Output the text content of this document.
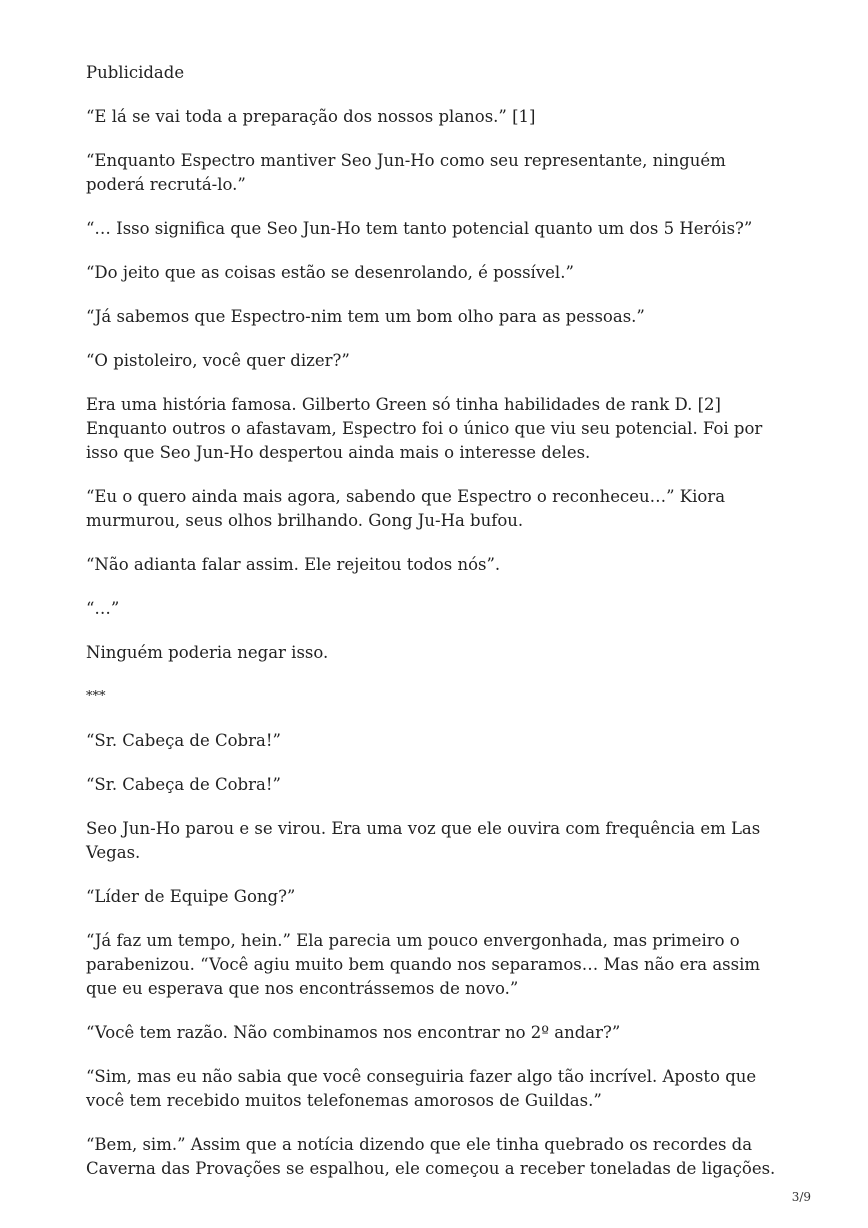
Publicidade

“E lá se vai toda a preparação dos nossos planos.” [1]

“Enquanto Espectro mantiver Seo Jun-Ho como seu representante, ninguém poderá recrutá-lo.”

“… Isso significa que Seo Jun-Ho tem tanto potencial quanto um dos 5 Heróis?”

“Do jeito que as coisas estão se desenrolando, é possível.”

“Já sabemos que Espectro-nim tem um bom olho para as pessoas.”

“O pistoleiro, você quer dizer?”

Era uma história famosa. Gilberto Green só tinha habilidades de rank D. [2] Enquanto outros o afastavam, Espectro foi o único que viu seu potencial. Foi por isso que Seo Jun-Ho despertou ainda mais o interesse deles.

“Eu o quero ainda mais agora, sabendo que Espectro o reconheceu…” Kiora murmurou, seus olhos brilhando. Gong Ju-Ha bufou.

“Não adianta falar assim. Ele rejeitou todos nós”.

“…”

Ninguém poderia negar isso.

***

“Sr. Cabeça de Cobra!”

“Sr. Cabeça de Cobra!”

Seo Jun-Ho parou e se virou. Era uma voz que ele ouvira com frequência em Las Vegas.

“Líder de Equipe Gong?”

“Já faz um tempo, hein.” Ela parecia um pouco envergonhada, mas primeiro o parabenizou. “Você agiu muito bem quando nos separamos… Mas não era assim que eu esperava que nos encontrássemos de novo.”

“Você tem razão. Não combinamos nos encontrar no 2º andar?”

“Sim, mas eu não sabia que você conseguiria fazer algo tão incrível. Aposto que você tem recebido muitos telefonemas amorosos de Guildas.”

“Bem, sim.” Assim que a notícia dizendo que ele tinha quebrado os recordes da Caverna das Provações se espalhou, ele começou a receber toneladas de ligações.

3/9
